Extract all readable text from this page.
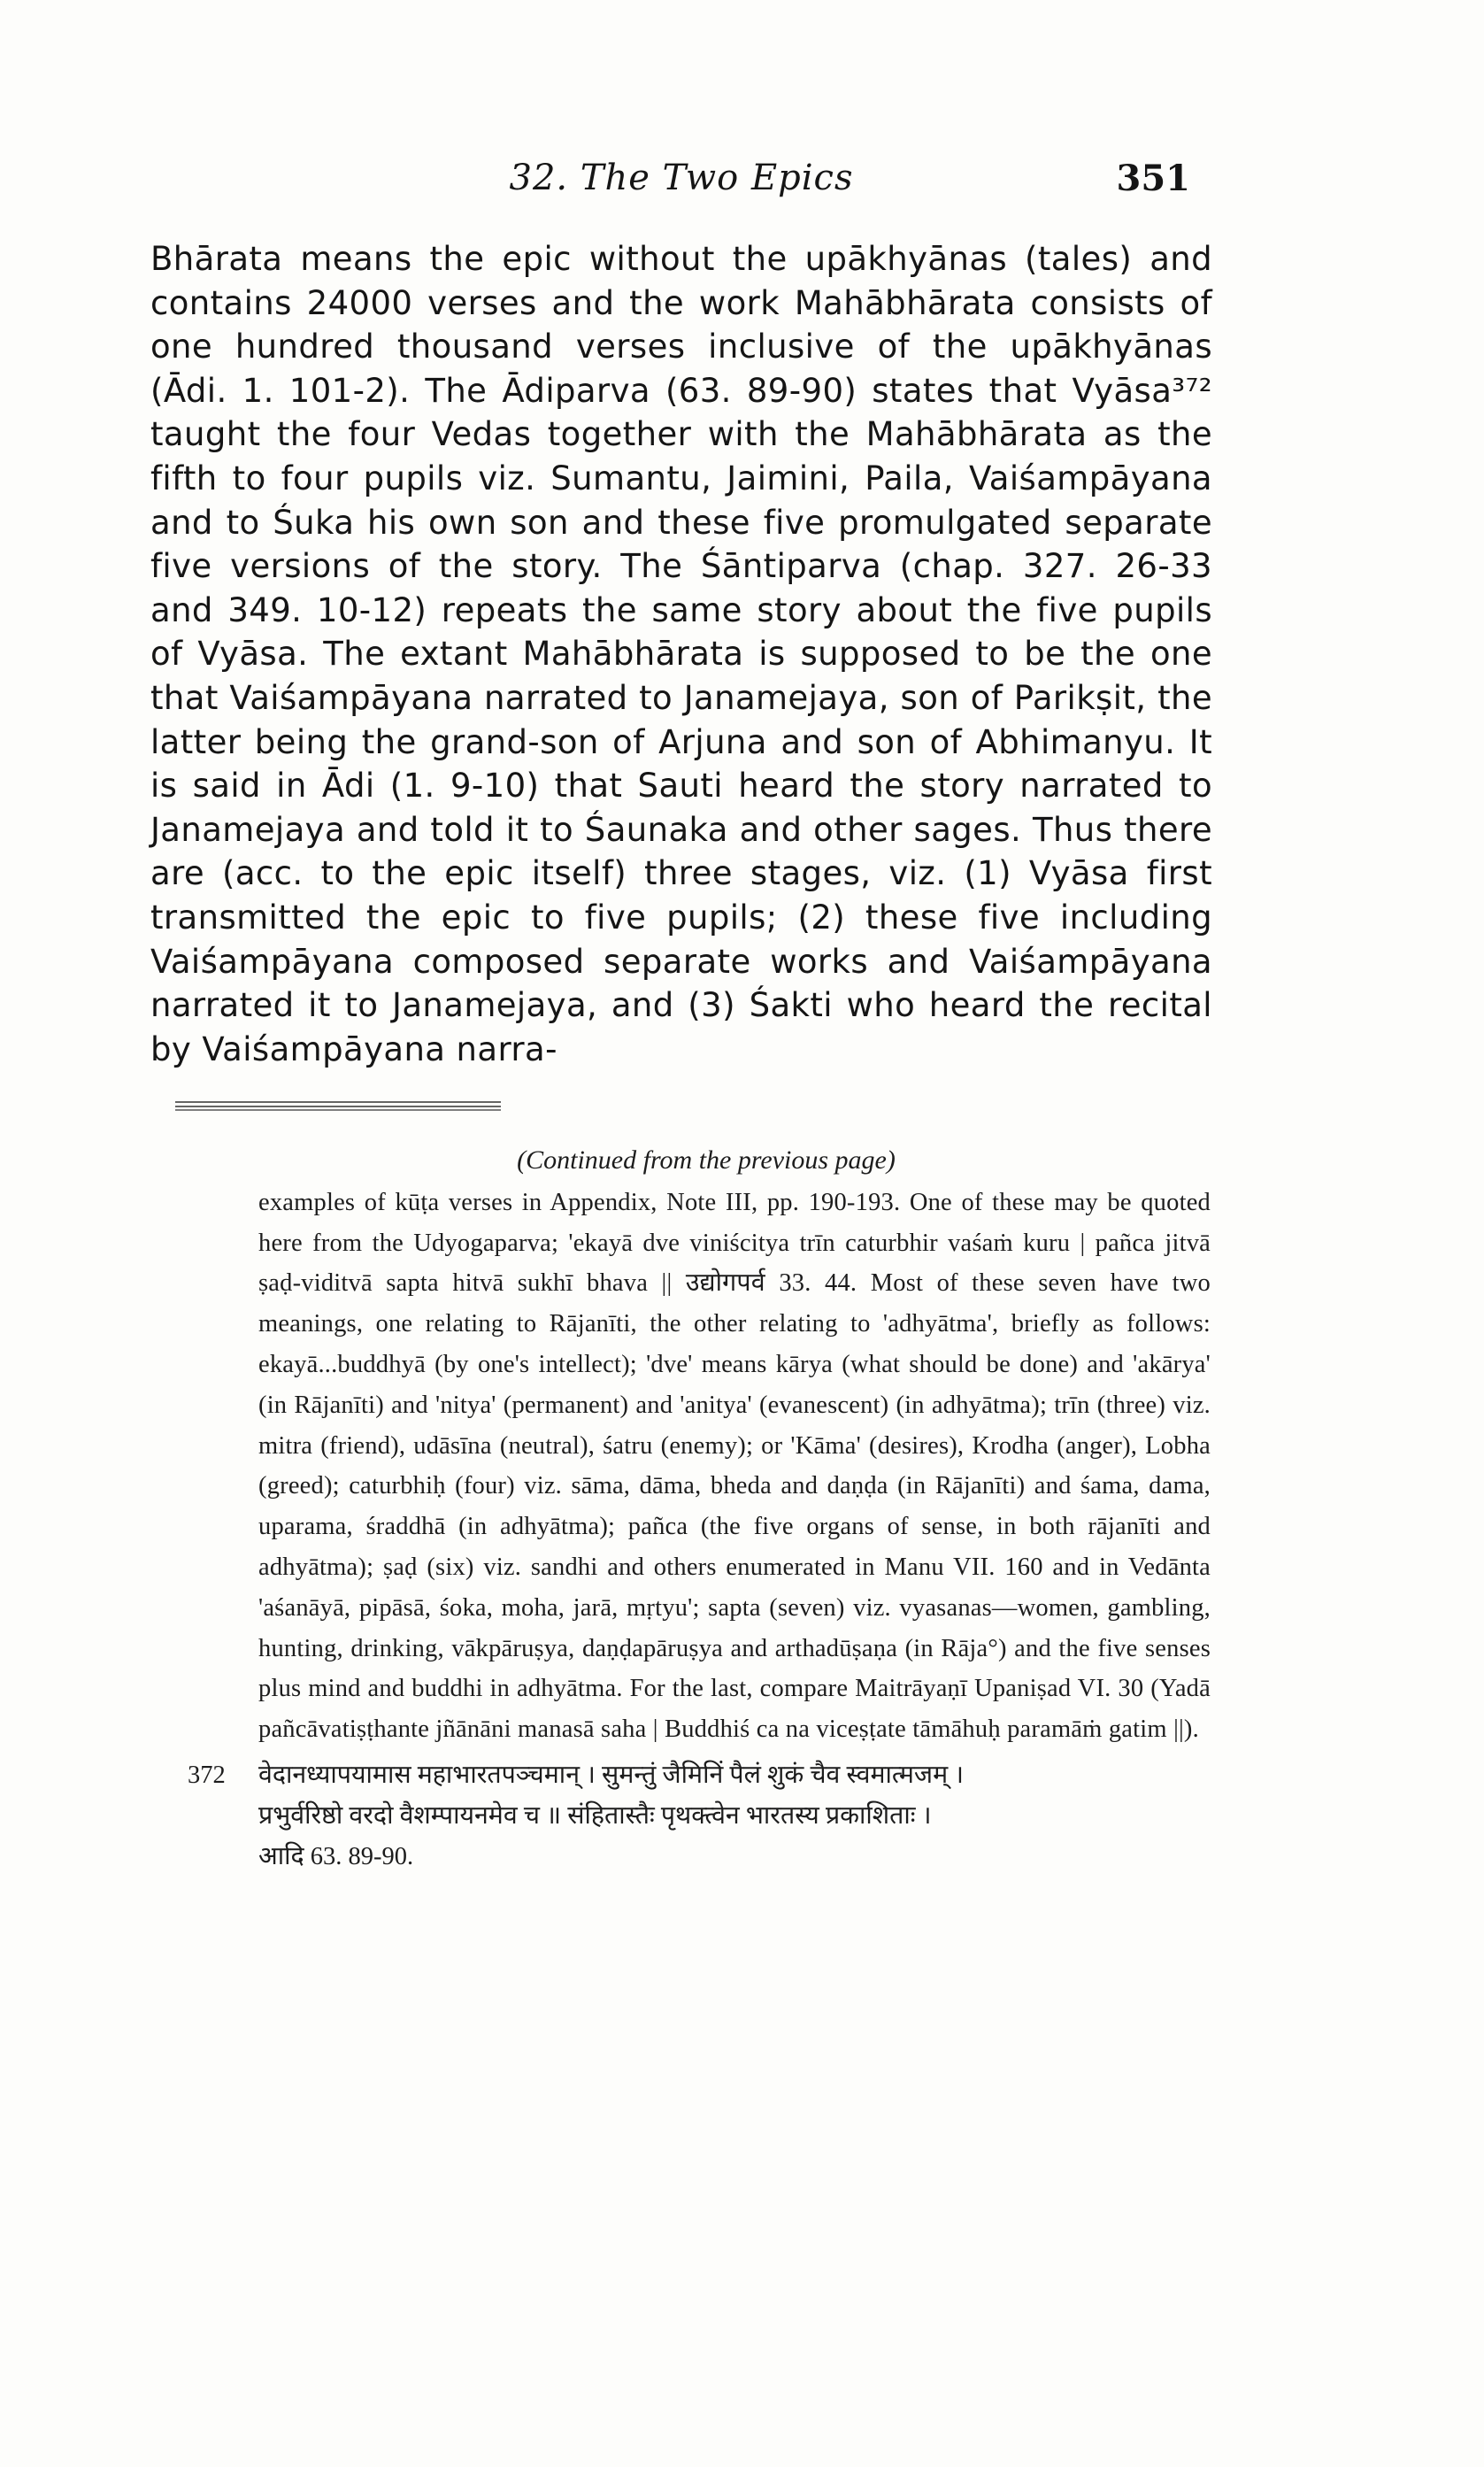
32. The Two Epics	351

Bhārata means the epic without the upākhyānas (tales) and contains 24000 verses and the work Mahābhārata consists of one hundred thousand verses inclusive of the upākhyānas (Ādi. 1. 101-2). The Ādiparva (63. 89-90) states that Vyāsa³⁷² taught the four Vedas together with the Mahābhārata as the fifth to four pupils viz. Sumantu, Jaimini, Paila, Vaiśampāyana and to Śuka his own son and these five promulgated separate five versions of the story. The Śāntiparva (chap. 327. 26-33 and 349. 10-12) repeats the same story about the five pupils of Vyāsa. The extant Mahābhārata is supposed to be the one that Vaiśampāyana narrated to Janamejaya, son of Parikṣit, the latter being the grand-son of Arjuna and son of Abhimanyu. It is said in Ādi (1. 9-10) that Sauti heard the story narrated to Janamejaya and told it to Śaunaka and other sages. Thus there are (acc. to the epic itself) three stages, viz. (1) Vyāsa first transmitted the epic to five pupils; (2) these five including Vaiśampāyana composed separate works and Vaiśampāyana narrated it to Janamejaya, and (3) Śakti who heard the recital by Vaiśampāyana narra-

(Continued from the previous page)

examples of kūṭa verses in Appendix, Note III, pp. 190-193. One of these may be quoted here from the Udyogaparva; 'ekayā dve viniścitya trīn caturbhir vaśaṁ kuru | pañca jitvā ṣaḍ-viditvā sapta hitvā sukhī bhava || उद्योगपर्व 33. 44. Most of these seven have two meanings, one relating to Rājanīti, the other relating to 'adhyātma', briefly as follows: ekayā...buddhyā (by one's intellect); 'dve' means kārya (what should be done) and 'akārya' (in Rājanīti) and 'nitya' (permanent) and 'anitya' (evanescent) (in adhyātma); trīn (three) viz. mitra (friend), udāsīna (neutral), śatru (enemy); or 'Kāma' (desires), Krodha (anger), Lobha (greed); caturbhiḥ (four) viz. sāma, dāma, bheda and daṇḍa (in Rājanīti) and śama, dama, uparama, śraddhā (in adhyātma); pañca (the five organs of sense, in both rājanīti and adhyātma); ṣaḍ (six) viz. sandhi and others enumerated in Manu VII. 160 and in Vedānta 'aśanāyā, pipāsā, śoka, moha, jarā, mṛtyu'; sapta (seven) viz. vyasanas—women, gambling, hunting, drinking, vākpāruṣya, daṇḍapāruṣya and arthadūṣaṇa (in Rāja°) and the five senses plus mind and buddhi in adhyātma. For the last, compare Maitrāyaṇī Upaniṣad VI. 30 (Yadā pañcāvatiṣṭhante jñānāni manasā saha | Buddhiś ca na viceṣṭate tāmāhuḥ paramāṁ gatim ||).

372 वेदानध्यापयामास महाभारतपञ्चमान् । सुमन्तुं जैमिनिं पैलं शुकं चैव स्वमात्मजम् ।
प्रभुर्वरिष्ठो वरदो वैशम्पायनमेव च ॥ संहितास्तैः पृथक्त्वेन भारतस्य प्रकाशिताः ।
आदि 63. 89-90.
